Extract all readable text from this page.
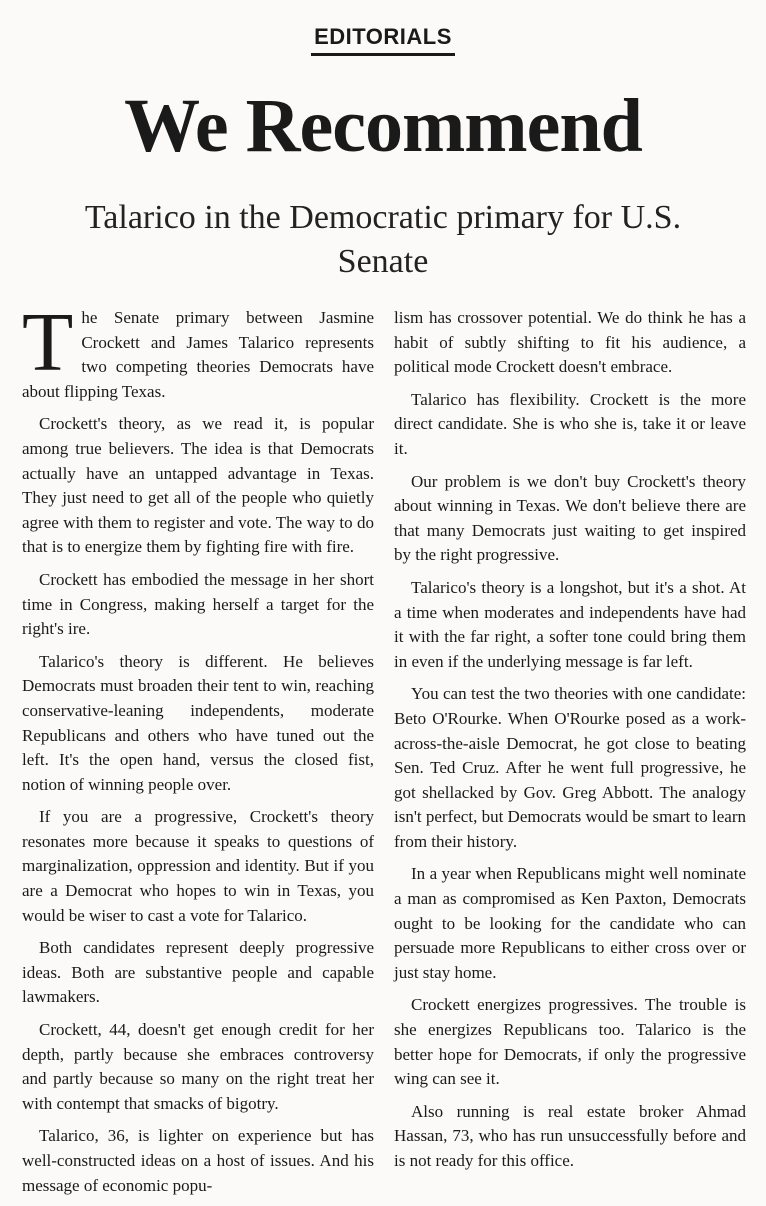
EDITORIALS
We Recommend
Talarico in the Democratic primary for U.S. Senate

The Senate primary between Jasmine Crockett and James Talarico represents two competing theories Democrats have about flipping Texas.

Crockett's theory, as we read it, is popular among true believers. The idea is that Democrats actually have an untapped advantage in Texas. They just need to get all of the people who quietly agree with them to register and vote. The way to do that is to energize them by fighting fire with fire.

Crockett has embodied the message in her short time in Congress, making herself a target for the right's ire.

Talarico's theory is different. He believes Democrats must broaden their tent to win, reaching conservative-leaning independents, moderate Republicans and others who have tuned out the left. It's the open hand, versus the closed fist, notion of winning people over.

If you are a progressive, Crockett's theory resonates more because it speaks to questions of marginalization, oppression and identity. But if you are a Democrat who hopes to win in Texas, you would be wiser to cast a vote for Talarico.

Both candidates represent deeply progressive ideas. Both are substantive people and capable lawmakers.

Crockett, 44, doesn't get enough credit for her depth, partly because she embraces controversy and partly because so many on the right treat her with contempt that smacks of bigotry.

Talarico, 36, is lighter on experience but has well-constructed ideas on a host of issues. And his message of economic popu-

lism has crossover potential. We do think he has a habit of subtly shifting to fit his audience, a political mode Crockett doesn't embrace.

Talarico has flexibility. Crockett is the more direct candidate. She is who she is, take it or leave it.

Our problem is we don't buy Crockett's theory about winning in Texas. We don't believe there are that many Democrats just waiting to get inspired by the right progressive.

Talarico's theory is a longshot, but it's a shot. At a time when moderates and independents have had it with the far right, a softer tone could bring them in even if the underlying message is far left.

You can test the two theories with one candidate: Beto O'Rourke. When O'Rourke posed as a work-across-the-aisle Democrat, he got close to beating Sen. Ted Cruz. After he went full progressive, he got shellacked by Gov. Greg Abbott. The analogy isn't perfect, but Democrats would be smart to learn from their history.

In a year when Republicans might well nominate a man as compromised as Ken Paxton, Democrats ought to be looking for the candidate who can persuade more Republicans to either cross over or just stay home.

Crockett energizes progressives. The trouble is she energizes Republicans too. Talarico is the better hope for Democrats, if only the progressive wing can see it.

Also running is real estate broker Ahmad Hassan, 73, who has run unsuccessfully before and is not ready for this office.
